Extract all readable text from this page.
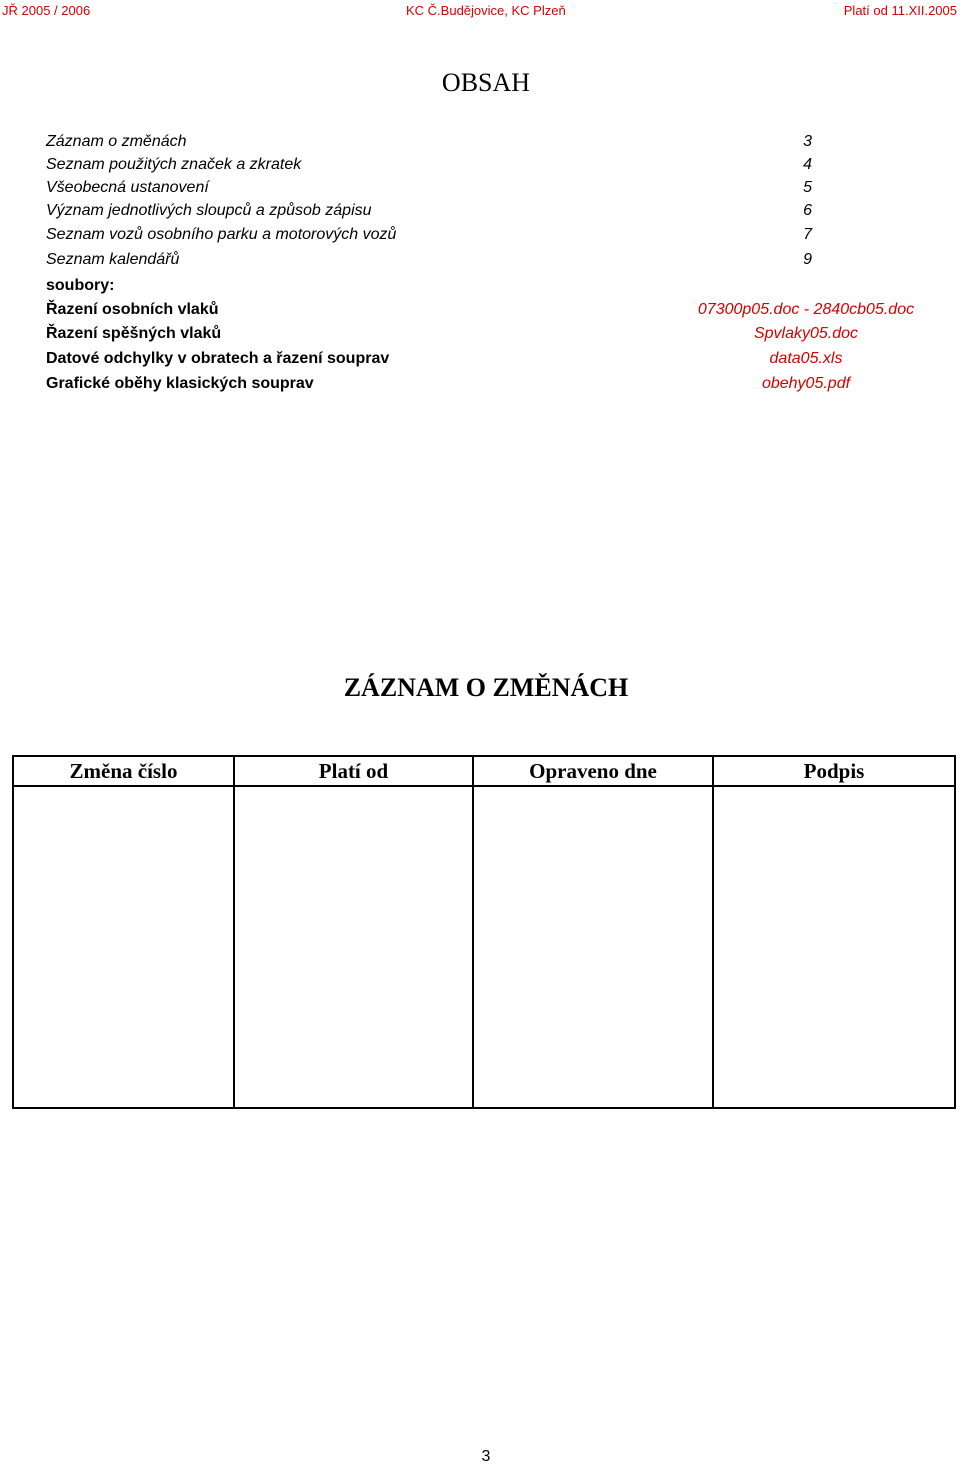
JŘ 2005 / 2006	KC Č.Budějovice, KC Plzeň	Platí od 11.XII.2005
OBSAH
Záznam o změnách	3
Seznam použitých značek a zkratek	4
Všeobecná ustanovení	5
Význam jednotlivých sloupců a způsob zápisu	6
Seznam vozů osobního parku a motorových vozů	7
Seznam kalendářů	9
soubory:
Řazení osobních vlaků	07300p05.doc - 2840cb05.doc
Řazení spěšných vlaků	Spvlaky05.doc
Datové odchylky v obratech a řazení souprav	data05.xls
Grafické oběhy klasických souprav	obehy05.pdf
ZÁZNAM O ZMĚNÁCH
Změna číslo	Platí od	Opraveno dne	Podpis

3
